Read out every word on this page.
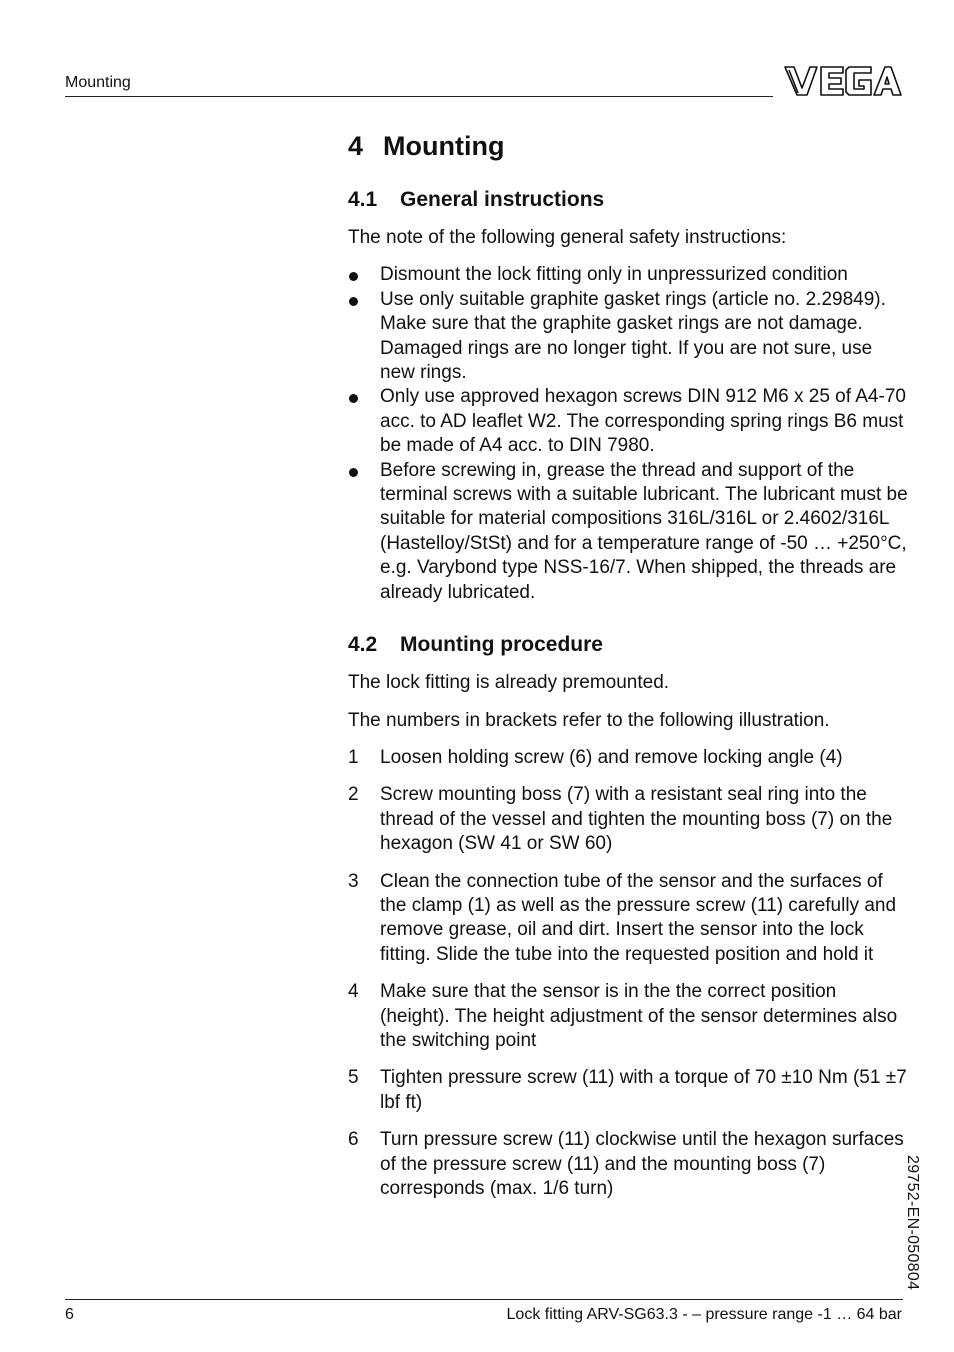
Mounting
4 Mounting
4.1 General instructions

The note of the following general safety instructions:

Dismount the lock fitting only in unpressurized condition
Use only suitable graphite gasket rings (article no. 2.29849). Make sure that the graphite gasket rings are not damage. Damaged rings are no longer tight. If you are not sure, use new rings.
Only use approved hexagon screws DIN 912 M6 x 25 of A4-70 acc. to AD leaflet W2. The corresponding spring rings B6 must be made of A4 acc. to DIN 7980.
Before screwing in, grease the thread and support of the terminal screws with a suitable lubricant. The lubricant must be suitable for material compositions 316L/316L or 2.4602/316L (Hastelloy/StSt) and for a temperature range of -50 … +250°C, e.g. Varybond type NSS-16/7. When shipped, the threads are already lubricated.
4.2 Mounting procedure

The lock fitting is already premounted.

The numbers in brackets refer to the following illustration.

1 Loosen holding screw (6) and remove locking angle (4)
2 Screw mounting boss (7) with a resistant seal ring into the thread of the vessel and tighten the mounting boss (7) on the hexagon (SW 41 or SW 60)
3 Clean the connection tube of the sensor and the surfaces of the clamp (1) as well as the pressure screw (11) carefully and remove grease, oil and dirt. Insert the sensor into the lock fitting. Slide the tube into the requested position and hold it
4 Make sure that the sensor is in the the correct position (height). The height adjustment of the sensor determines also the switching point
5 Tighten pressure screw (11) with a torque of 70 ±10 Nm (51 ±7 lbf ft)
6 Turn pressure screw (11) clockwise until the hexagon surfaces of the pressure screw (11) and the mounting boss (7) corresponds (max. 1/6 turn)	29752-EN-050804
6	Lock fitting ARV-SG63.3 - – pressure range -1 … 64 bar
